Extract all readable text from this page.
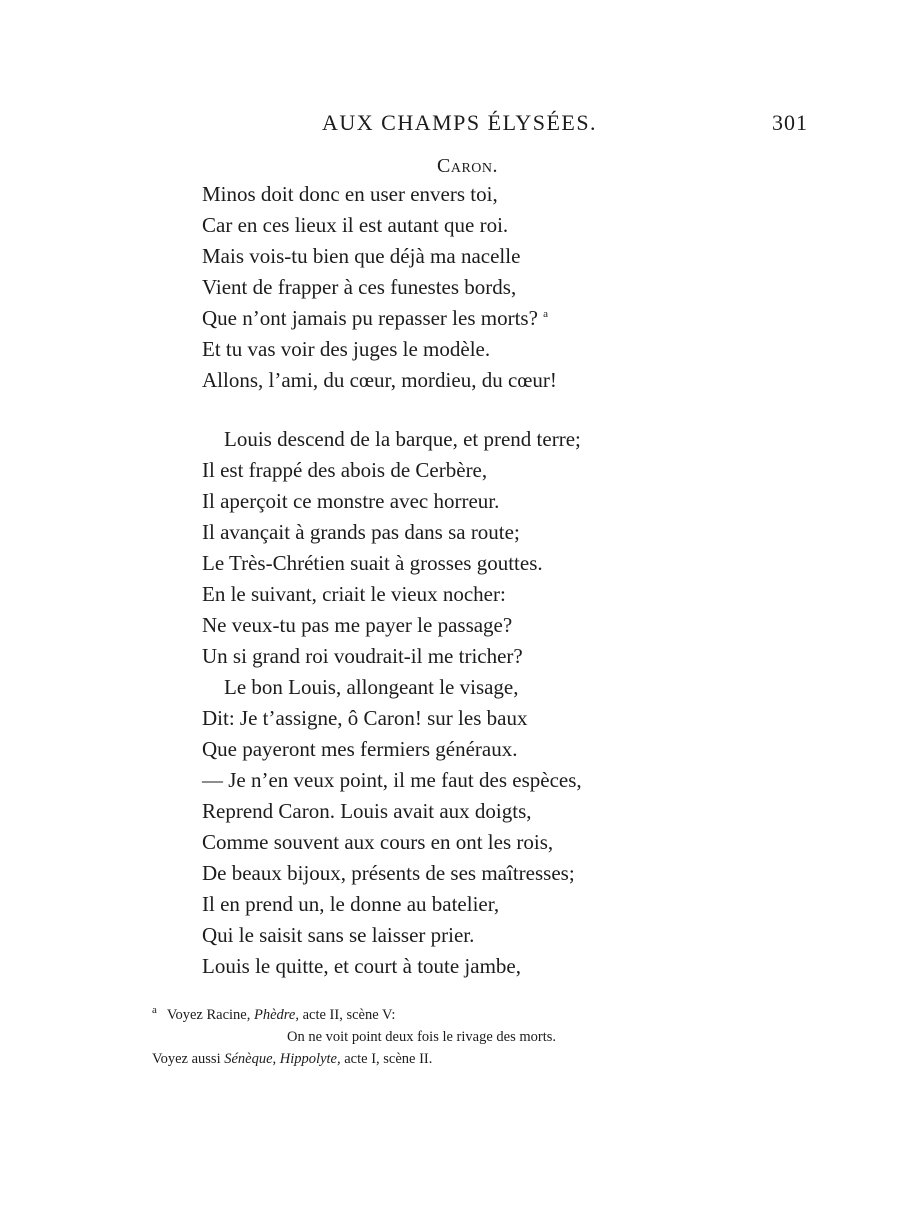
AUX CHAMPS ÉLYSÉES.	301
Caron.
Minos doit donc en user envers toi,
Car en ces lieux il est autant que roi.
Mais vois-tu bien que déjà ma nacelle
Vient de frapper à ces funestes bords,
Que n’ont jamais pu repasser les morts? $^a$
Et tu vas voir des juges le modèle.
Allons, l’ami, du cœur, mordieu, du cœur!
Louis descend de la barque, et prend terre;
Il est frappé des abois de Cerbère,
Il aperçoit ce monstre avec horreur.
Il avançait à grands pas dans sa route;
Le Très-Chrétien suait à grosses gouttes.
En le suivant, criait le vieux nocher:
Ne veux-tu pas me payer le passage?
Un si grand roi voudrait-il me tricher?
Le bon Louis, allongeant le visage,
Dit: Je t’assigne, ô Caron! sur les baux
Que payeront mes fermiers généraux.
— Je n’en veux point, il me faut des espèces,
Reprend Caron. Louis avait aux doigts,
Comme souvent aux cours en ont les rois,
De beaux bijoux, présents de ses maîtresses;
Il en prend un, le donne au batelier,
Qui le saisit sans se laisser prier.
Louis le quitte, et court à toute jambe,
$^a$ Voyez Racine, Phèdre, acte II, scène V:
On ne voit point deux fois le rivage des morts.
Voyez aussi Sénèque, Hippolyte, acte I, scène II.
